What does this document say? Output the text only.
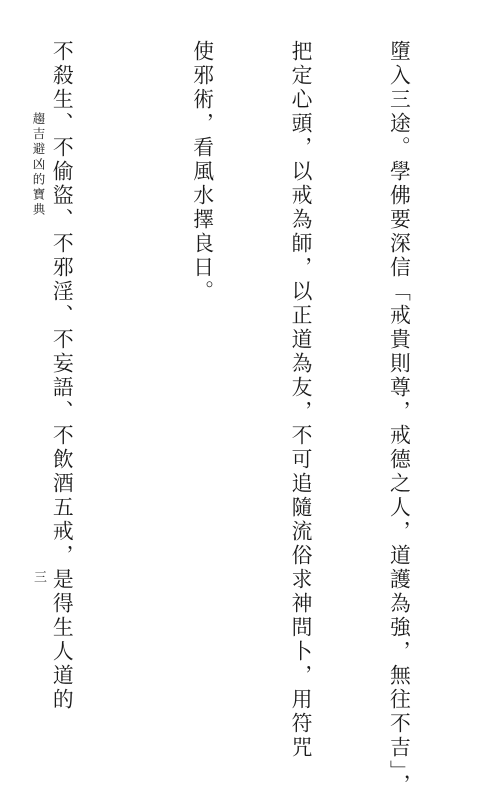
墮入三途。學佛要深信「戒貴則尊，戒德之人，道護為強，無往不吉」，

把定心頭，以戒為師，以正道為友，不可追隨流俗求神問卜，用符咒

使邪術，看風水擇良日。

不殺生、不偷盜、不邪淫、不妄語、不飲酒五戒，是得生人道的

趨吉避凶的寶典
三
